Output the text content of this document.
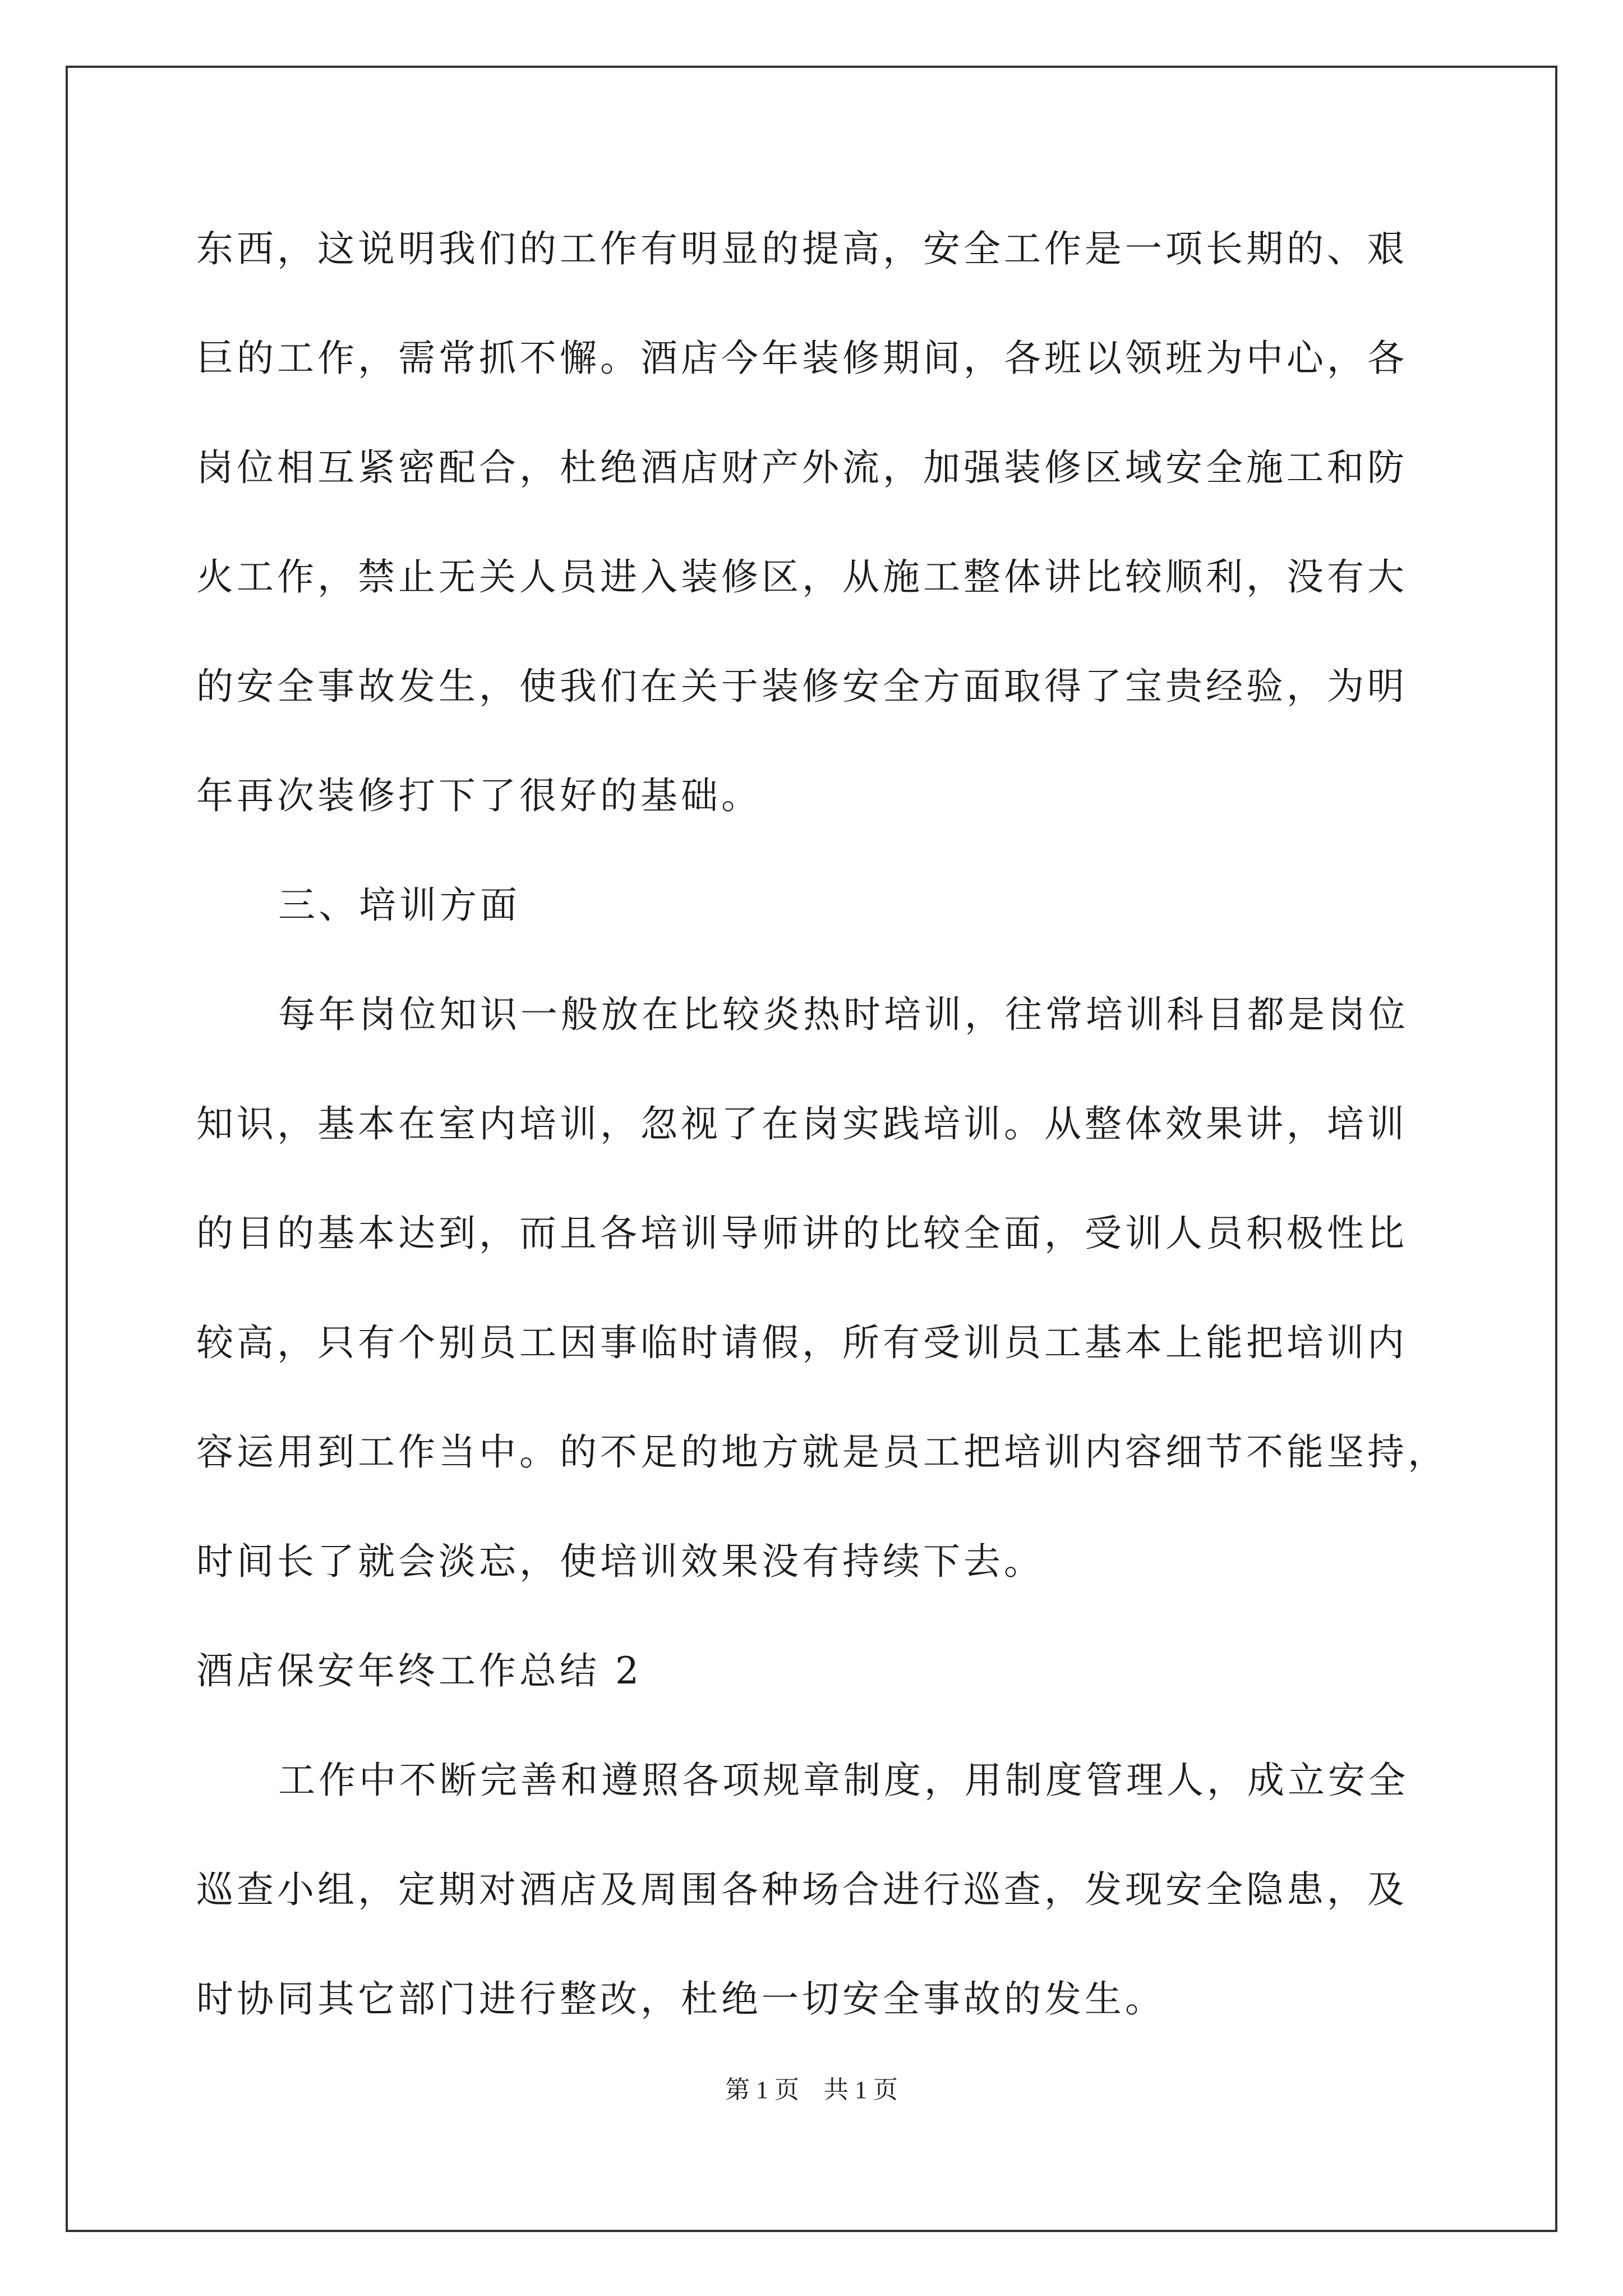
东西，这说明我们的工作有明显的提高，安全工作是一项长期的、艰

巨的工作，需常抓不懈。酒店今年装修期间，各班以领班为中心，各

岗位相互紧密配合，杜绝酒店财产外流，加强装修区域安全施工和防

火工作，禁止无关人员进入装修区，从施工整体讲比较顺利，没有大

的安全事故发生，使我们在关于装修安全方面取得了宝贵经验，为明

年再次装修打下了很好的基础。

三、培训方面

每年岗位知识一般放在比较炎热时培训，往常培训科目都是岗位

知识，基本在室内培训，忽视了在岗实践培训。从整体效果讲，培训

的目的基本达到，而且各培训导师讲的比较全面，受训人员积极性比

较高，只有个别员工因事临时请假，所有受训员工基本上能把培训内

容运用到工作当中。的不足的地方就是员工把培训内容细节不能坚持，

时间长了就会淡忘，使培训效果没有持续下去。

酒店保安年终工作总结 2

工作中不断完善和遵照各项规章制度，用制度管理人，成立安全

巡查小组，定期对酒店及周围各种场合进行巡查，发现安全隐患，及

时协同其它部门进行整改，杜绝一切安全事故的发生。

第 1 页　共 1 页
